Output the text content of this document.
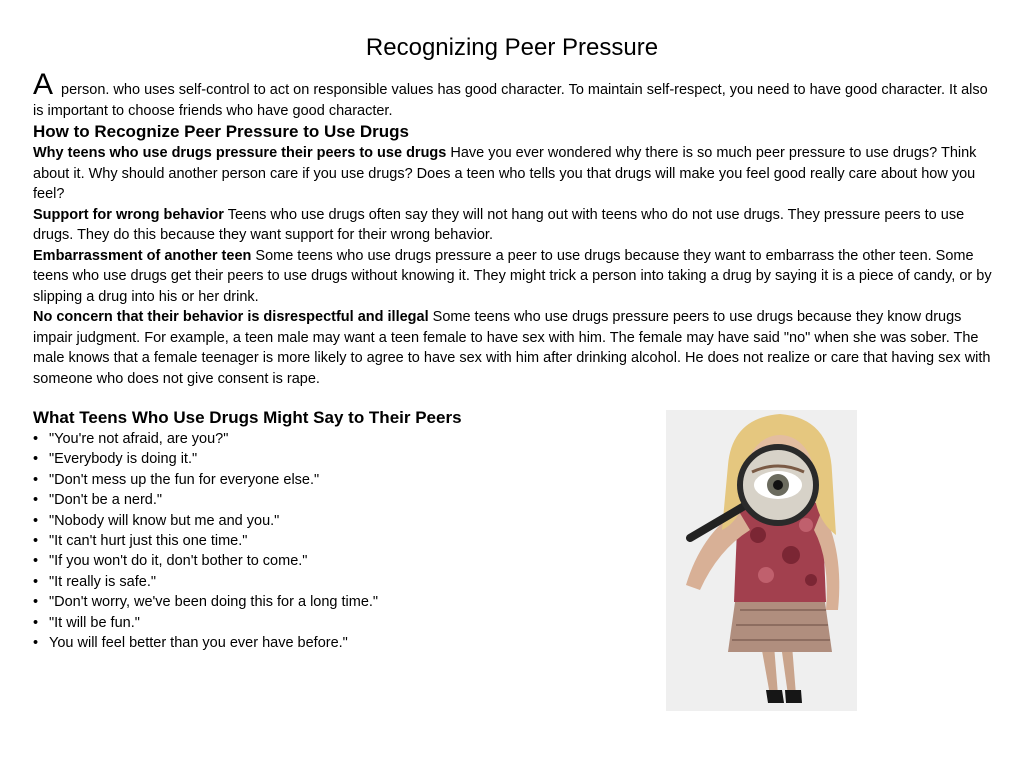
Recognizing Peer Pressure
A person. who uses self-control to act on responsible values has good character. To maintain self-respect, you need to have good character. It also is important to choose friends who have good character.
How to Recognize Peer Pressure to Use Drugs

Why teens who use drugs pressure their peers to use drugs Have you ever wondered why there is so much peer pressure to use drugs? Think about it. Why should another person care if you use drugs? Does a teen who tells you that drugs will make you feel good really care about how you feel?

Support for wrong behavior Teens who use drugs often say they will not hang out with teens who do not use drugs. They pressure peers to use drugs. They do this because they want support for their wrong behavior.

Embarrassment of another teen Some teens who use drugs pressure a peer to use drugs because they want to embarrass the other teen. Some teens who use drugs get their peers to use drugs without knowing it. They might trick a person into taking a drug by saying it is a piece of candy, or by slipping a drug into his or her drink.

No concern that their behavior is disrespectful and illegal Some teens who use drugs pressure peers to use drugs because they know drugs impair judgment. For example, a teen male may want a teen female to have sex with him. The female may have said "no" when she was sober. The male knows that a female teenager is more likely to agree to have sex with him after drinking alcohol. He does not realize or care that having sex with someone who does not give consent is rape.

What Teens Who Use Drugs Might Say to Their Peers
• "You're not afraid, are you?"
• "Everybody is doing it."
• "Don't mess up the fun for everyone else."
• "Don't be a nerd."
• "Nobody will know but me and you."
• "It can't hurt just this one time."
• "If you won't do it, don't bother to come."
• "It really is safe."
• "Don't worry, we've been doing this for a long time."
• "It will be fun."
• You will feel better than you ever have before."
